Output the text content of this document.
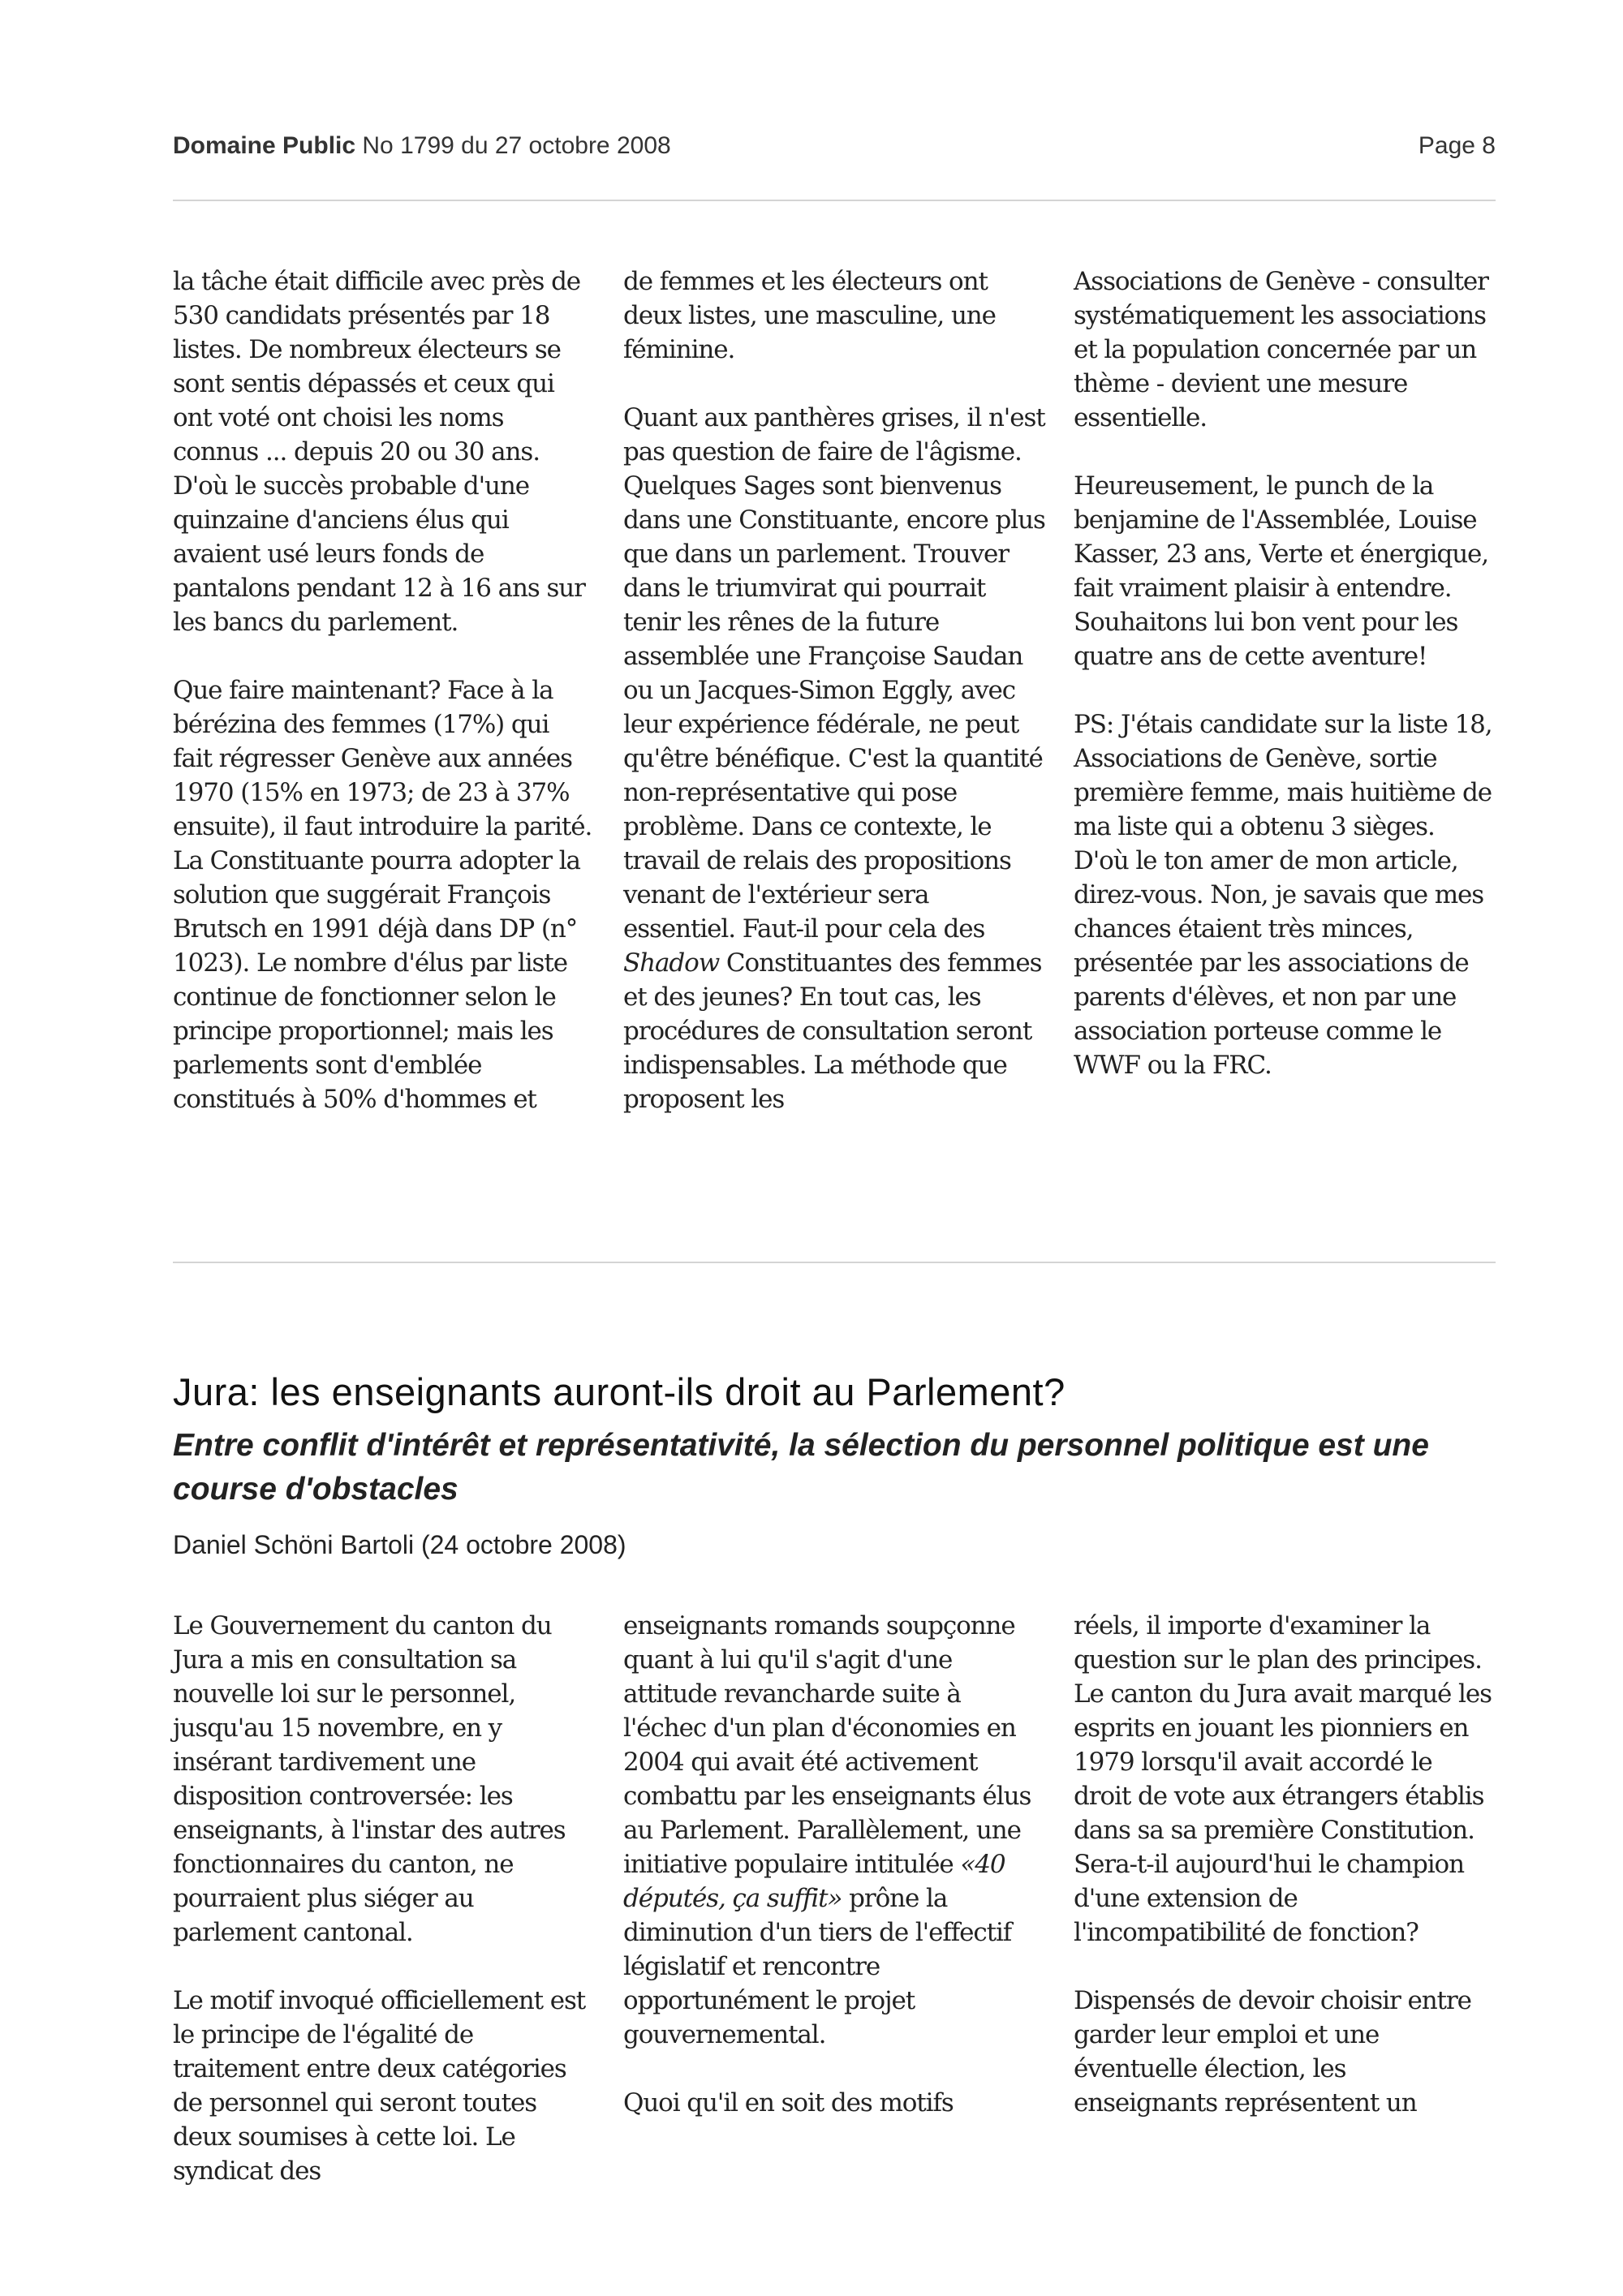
Domaine Public No 1799 du 27 octobre 2008	Page 8

la tâche était difficile avec près de 530 candidats présentés par 18 listes. De nombreux électeurs se sont sentis dépassés et ceux qui ont voté ont choisi les noms connus ... depuis 20 ou 30 ans. D'où le succès probable d'une quinzaine d'anciens élus qui avaient usé leurs fonds de pantalons pendant 12 à 16 ans sur les bancs du parlement.

Que faire maintenant? Face à la bérézina des femmes (17%) qui fait régresser Genève aux années 1970 (15% en 1973; de 23 à 37% ensuite), il faut introduire la parité. La Constituante pourra adopter la solution que suggérait François Brutsch en 1991 déjà dans DP (n° 1023). Le nombre d'élus par liste continue de fonctionner selon le principe proportionnel; mais les parlements sont d'emblée constitués à 50% d'hommes et

de femmes et les électeurs ont deux listes, une masculine, une féminine.

Quant aux panthères grises, il n'est pas question de faire de l'âgisme. Quelques Sages sont bienvenus dans une Constituante, encore plus que dans un parlement. Trouver dans le triumvirat qui pourrait tenir les rênes de la future assemblée une Françoise Saudan ou un Jacques-Simon Eggly, avec leur expérience fédérale, ne peut qu'être bénéfique. C'est la quantité non-représentative qui pose problème. Dans ce contexte, le travail de relais des propositions venant de l'extérieur sera essentiel. Faut-il pour cela des Shadow Constituantes des femmes et des jeunes? En tout cas, les procédures de consultation seront indispensables. La méthode que proposent les

Associations de Genève - consulter systématiquement les associations et la population concernée par un thème - devient une mesure essentielle.

Heureusement, le punch de la benjamine de l'Assemblée, Louise Kasser, 23 ans, Verte et énergique, fait vraiment plaisir à entendre. Souhaitons lui bon vent pour les quatre ans de cette aventure!

PS: J'étais candidate sur la liste 18, Associations de Genève, sortie première femme, mais huitième de ma liste qui a obtenu 3 sièges. D'où le ton amer de mon article, direz-vous. Non, je savais que mes chances étaient très minces, présentée par les associations de parents d'élèves, et non par une association porteuse comme le WWF ou la FRC.

Jura: les enseignants auront-ils droit au Parlement?
Entre conflit d'intérêt et représentativité, la sélection du personnel politique est une course d'obstacles
Daniel Schöni Bartoli (24 octobre 2008)

Le Gouvernement du canton du Jura a mis en consultation sa nouvelle loi sur le personnel, jusqu'au 15 novembre, en y insérant tardivement une disposition controversée: les enseignants, à l'instar des autres fonctionnaires du canton, ne pourraient plus siéger au parlement cantonal.

Le motif invoqué officiellement est le principe de l'égalité de traitement entre deux catégories de personnel qui seront toutes deux soumises à cette loi. Le syndicat des

enseignants romands soupçonne quant à lui qu'il s'agit d'une attitude revancharde suite à l'échec d'un plan d'économies en 2004 qui avait été activement combattu par les enseignants élus au Parlement. Parallèlement, une initiative populaire intitulée «40 députés, ça suffit» prône la diminution d'un tiers de l'effectif législatif et rencontre opportunément le projet gouvernemental.

Quoi qu'il en soit des motifs

réels, il importe d'examiner la question sur le plan des principes. Le canton du Jura avait marqué les esprits en jouant les pionniers en 1979 lorsqu'il avait accordé le droit de vote aux étrangers établis dans sa sa première Constitution. Sera-t-il aujourd'hui le champion d'une extension de l'incompatibilité de fonction?

Dispensés de devoir choisir entre garder leur emploi et une éventuelle élection, les enseignants représentent un
